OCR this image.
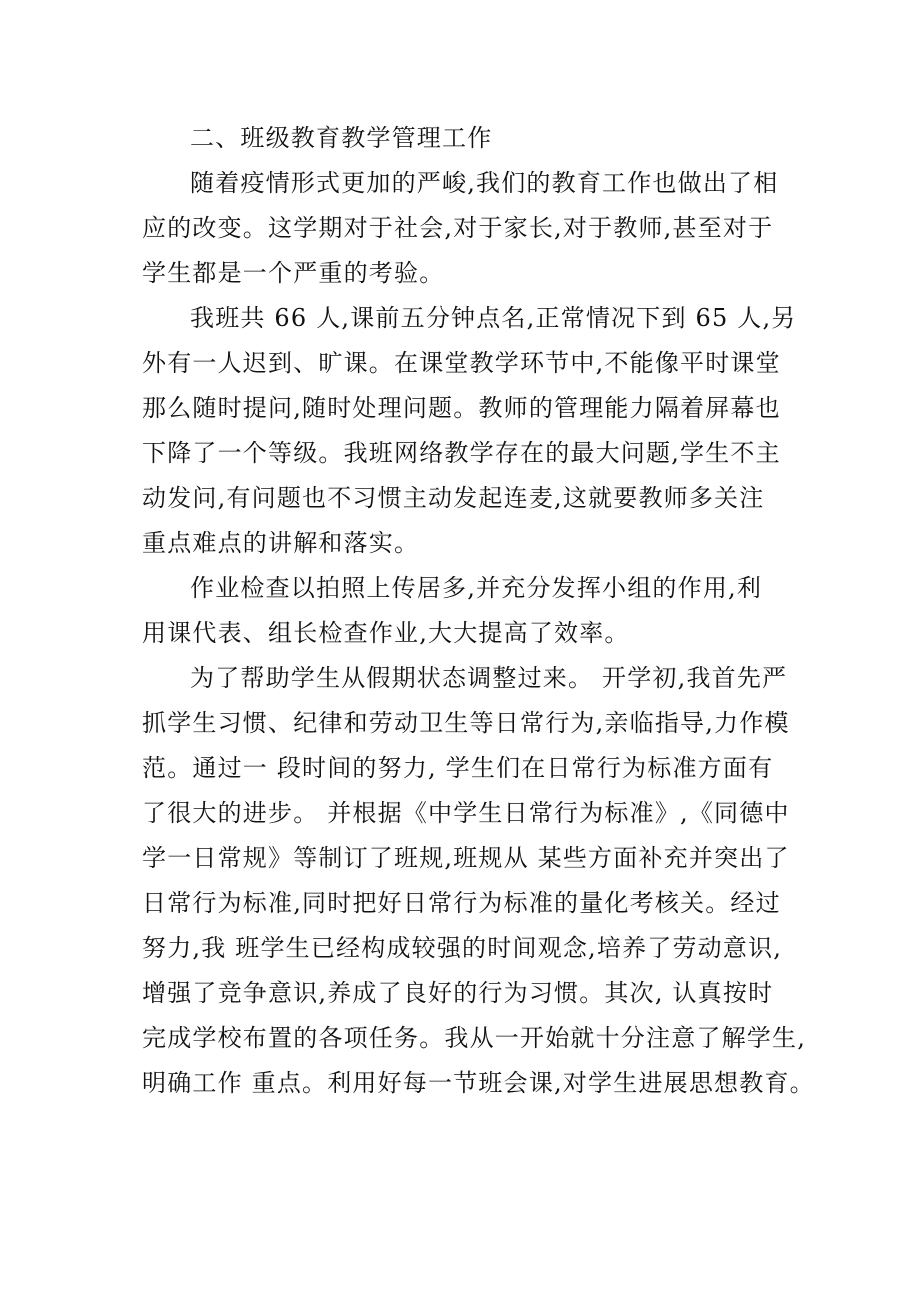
二、班级教育教学管理工作
随着疫情形式更加的严峻,我们的教育工作也做出了相
应的改变。这学期对于社会,对于家长,对于教师,甚至对于
学生都是一个严重的考验。
我班共 66 人,课前五分钟点名,正常情况下到 65 人,另
外有一人迟到、旷课。在课堂教学环节中,不能像平时课堂
那么随时提问,随时处理问题。教师的管理能力隔着屏幕也
下降了一个等级。我班网络教学存在的最大问题,学生不主
动发问,有问题也不习惯主动发起连麦,这就要教师多关注
重点难点的讲解和落实。
作业检查以拍照上传居多,并充分发挥小组的作用,利
用课代表、组长检查作业,大大提高了效率。
为了帮助学生从假期状态调整过来。 开学初,我首先严
抓学生习惯、纪律和劳动卫生等日常行为,亲临指导,力作模
范。通过一 段时间的努力, 学生们在日常行为标准方面有
了很大的进步。 并根据《中学生日常行为标准》,《同德中
学一日常规》等制订了班规,班规从 某些方面补充并突出了
日常行为标准,同时把好日常行为标准的量化考核关。经过
努力,我 班学生已经构成较强的时间观念,培养了劳动意识,
增强了竞争意识,养成了良好的行为习惯。其次, 认真按时
完成学校布置的各项任务。我从一开始就十分注意了解学生,
明确工作 重点。利用好每一节班会课,对学生进展思想教育。
